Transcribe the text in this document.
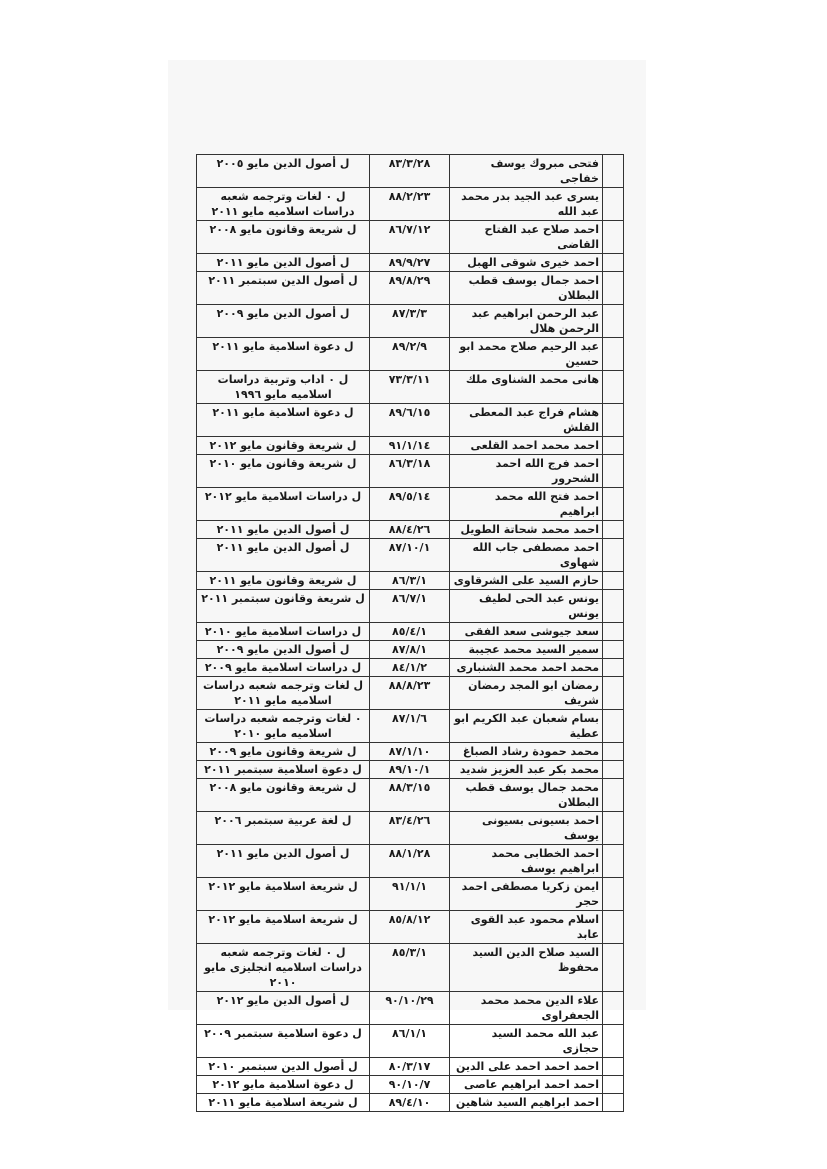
	فتحى مبروك يوسف خفاجى	٨٣/٣/٢٨	ل أصول الدين مايو ٢٠٠٥
	يسرى عبد الجيد بدر محمد عبد الله	٨٨/٢/٢٣	ل ٠ لغات وترجمه شعبه دراسات اسلاميه مايو ٢٠١١
	احمد صلاح عبد الفتاح القاضى	٨٦/٧/١٢	ل شريعة وقانون مايو ٢٠٠٨
	احمد خيرى شوقى الهبل	٨٩/٩/٢٧	ل أصول الدين مايو ٢٠١١
	احمد جمال يوسف قطب البطلان	٨٩/٨/٢٩	ل أصول الدين سبتمبر ٢٠١١
	عبد الرحمن ابراهيم عبد الرحمن هلال	٨٧/٣/٣	ل أصول الدين مايو ٢٠٠٩
	عبد الرحيم صلاح محمد ابو حسين	٨٩/٢/٩	ل دعوة اسلامية مايو ٢٠١١
	هانى محمد الشناوى ملك	٧٣/٣/١١	ل ٠ اداب وتربية دراسات اسلاميه مايو ١٩٩٦
	هشام فراج عبد المعطى القلش	٨٩/٦/١٥	ل دعوة اسلامية مايو ٢٠١١
	احمد محمد احمد القلعى	٩١/١/١٤	ل شريعة وقانون مايو ٢٠١٢
	احمد فرج الله احمد الشحرور	٨٦/٣/١٨	ل شريعة وقانون مايو ٢٠١٠
	احمد فتح الله محمد ابراهيم	٨٩/٥/١٤	ل دراسات اسلامية مايو ٢٠١٢
	احمد محمد شحاتة الطويل	٨٨/٤/٢٦	ل أصول الدين مايو ٢٠١١
	احمد مصطفى جاب الله شهاوى	٨٧/١٠/١	ل أصول الدين مايو ٢٠١١
	حازم السيد على الشرقاوى	٨٦/٣/١	ل شريعة وقانون مايو ٢٠١١
	يونس عبد الحى لطيف يونس	٨٦/٧/١	ل شريعة وقانون سبتمبر ٢٠١١
	سعد جيوشى سعد الفقى	٨٥/٤/١	ل دراسات اسلامية مايو ٢٠١٠
	سمير السيد محمد عجيبة	٨٧/٨/١	ل أصول الدين مايو ٢٠٠٩
	محمد احمد محمد الشنبارى	٨٤/١/٢	ل دراسات اسلامية مايو ٢٠٠٩
	رمضان ابو المجد رمضان شريف	٨٨/٨/٢٣	ل لغات وترجمه شعبه دراسات اسلاميه مايو ٢٠١١
	بسام شعبان عبد الكريم ابو عطية	٨٧/١/٦	٠ لغات وترجمه شعبه دراسات اسلاميه مايو ٢٠١٠
	محمد حمودة رشاد الصباغ	٨٧/١/١٠	ل شريعة وقانون مايو ٢٠٠٩
	محمد بكر عبد العزيز شديد	٨٩/١٠/١	ل دعوة اسلامية سبتمبر ٢٠١١
	محمد جمال يوسف قطب البطلان	٨٨/٣/١٥	ل شريعة وقانون مايو ٢٠٠٨
	احمد بسيونى بسيونى يوسف	٨٣/٤/٢٦	ل لغة عربية سبتمبر ٢٠٠٦
	احمد الخطابى محمد ابراهيم يوسف	٨٨/١/٢٨	ل أصول الدين مايو ٢٠١١
	ايمن زكريا مصطفى احمد حجر	٩١/١/١	ل شريعة اسلامية مايو ٢٠١٢
	اسلام محمود عبد القوى عابد	٨٥/٨/١٢	ل شريعة اسلامية مايو ٢٠١٢
	السيد صلاح الدين السيد محفوظ	٨٥/٣/١	ل ٠ لغات وترجمه شعبه دراسات اسلاميه انجليزى مايو ٢٠١٠
	علاء الدين محمد محمد الجعفراوى	٩٠/١٠/٢٩	ل أصول الدين مايو ٢٠١٢
	عبد الله محمد السيد حجازى	٨٦/١/١	ل دعوة اسلامية سبتمبر ٢٠٠٩
	احمد احمد احمد على الدين	٨٠/٣/١٧	ل أصول الدين سبتمبر ٢٠١٠
	احمد احمد ابراهيم عاصى	٩٠/١٠/٧	ل دعوة اسلامية مايو ٢٠١٢
	احمد ابراهيم السيد شاهين	٨٩/٤/١٠	ل شريعة اسلامية مايو ٢٠١١
